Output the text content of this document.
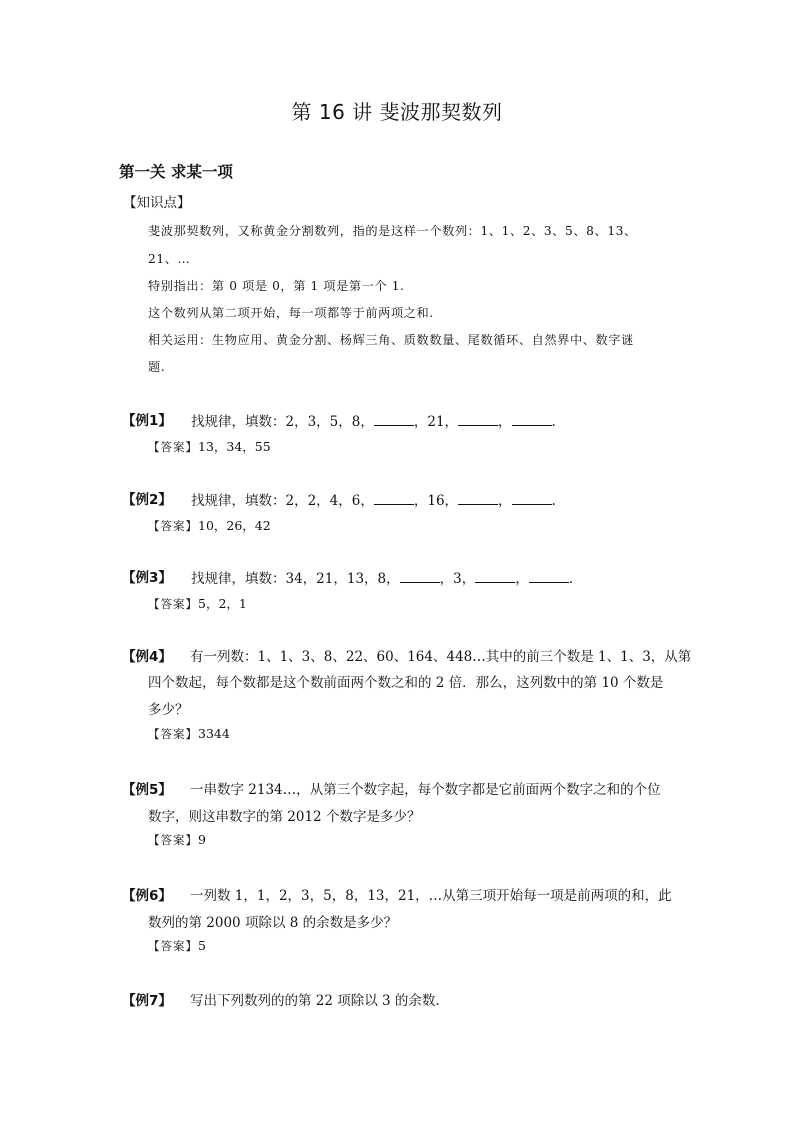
第 16 讲 斐波那契数列
第一关 求某一项
【知识点】
斐波那契数列，又称黄金分割数列，指的是这样一个数列：1、1、2、3、5、8、13、
21、…
特别指出：第 0 项是 0，第 1 项是第一个 1.
这个数列从第二项开始，每一项都等于前两项之和.
相关运用：生物应用、黄金分割、杨辉三角、质数数量、尾数循环、自然界中、数字谜
题.
【例1】 找规律，填数：2，3，5，8，	，21，	，	.
【答案】13，34，55
【例2】 找规律，填数：2，2，4，6，	，16，	，	.
【答案】10，26，42
【例3】 找规律，填数：34，21，13，8，	，3，	，	.
【答案】5，2，1
【例4】 有一列数：1、1、3、8、22、60、164、448…其中的前三个数是 1、1、3，从第
四个数起，每个数都是这个数前面两个数之和的 2 倍．那么，这列数中的第 10 个数是
多少？
【答案】3344
【例5】 一串数字 2134…，从第三个数字起，每个数字都是它前面两个数字之和的个位
数字，则这串数字的第 2012 个数字是多少？
【答案】9
【例6】 一列数 1，1，2，3，5，8，13，21，…从第三项开始每一项是前两项的和，此
数列的第 2000 项除以 8 的余数是多少？
【答案】5
【例7】 写出下列数列的的第 22 项除以 3 的余数.
